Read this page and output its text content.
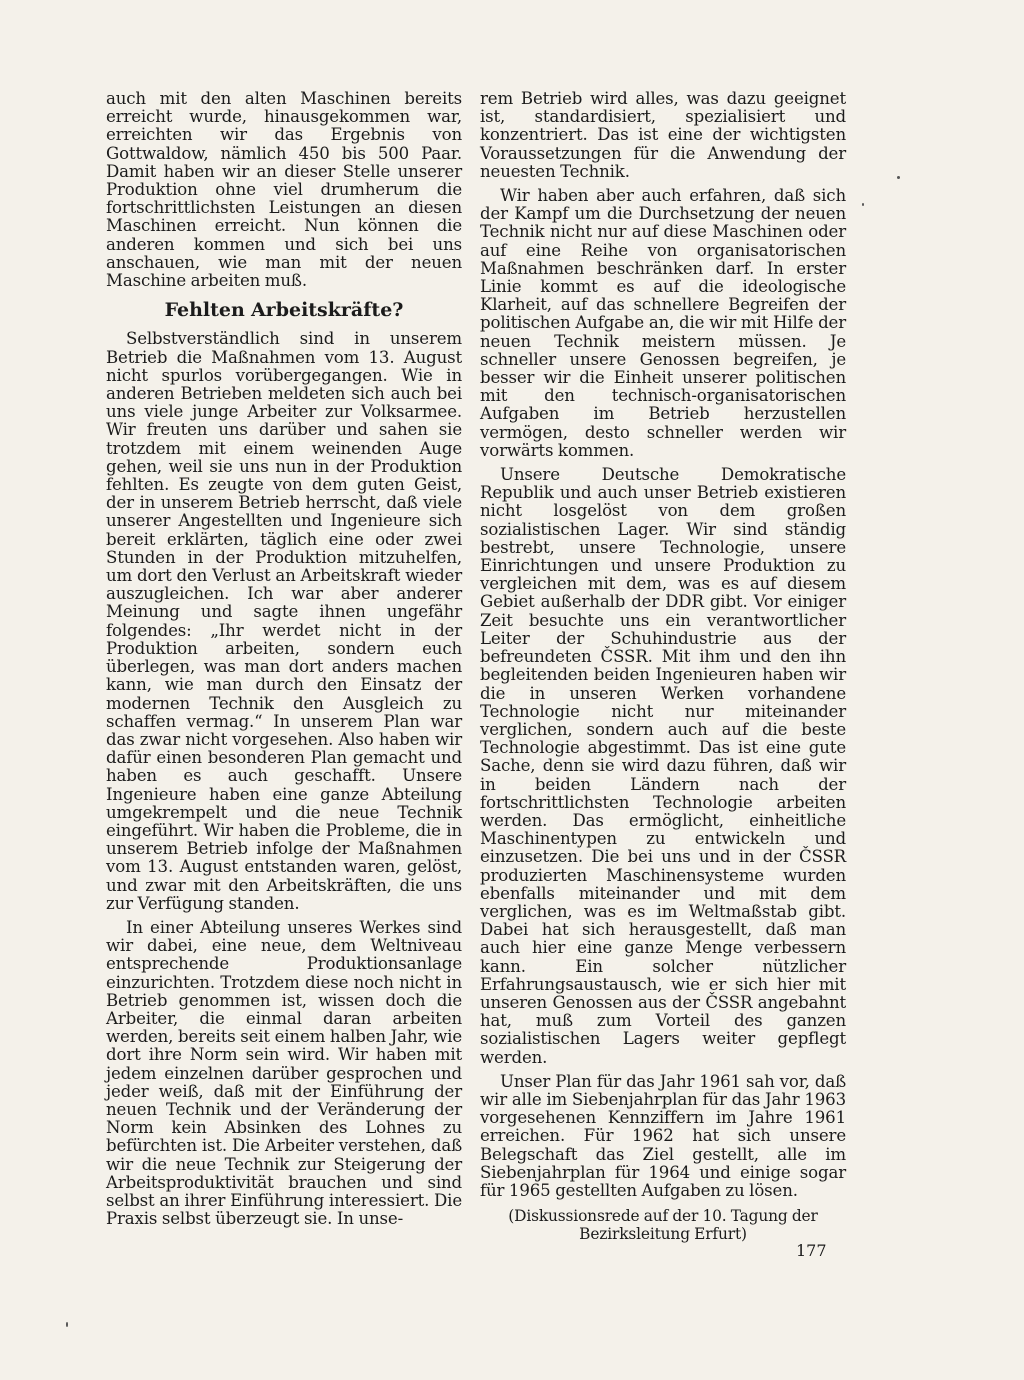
auch mit den alten Maschinen bereits erreicht wurde, hinausgekommen war, erreichten wir das Ergebnis von Gottwaldow, nämlich 450 bis 500 Paar. Damit haben wir an dieser Stelle unserer Produktion ohne viel drumherum die fortschrittlichsten Leistungen an diesen Maschinen erreicht. Nun können die anderen kommen und sich bei uns anschauen, wie man mit der neuen Maschine arbeiten muß.

Fehlten Arbeitskräfte?

Selbstverständlich sind in unserem Betrieb die Maßnahmen vom 13. August nicht spurlos vorübergegangen. Wie in anderen Betrieben meldeten sich auch bei uns viele junge Arbeiter zur Volksarmee. Wir freuten uns darüber und sahen sie trotzdem mit einem weinenden Auge gehen, weil sie uns nun in der Produktion fehlten. Es zeugte von dem guten Geist, der in unserem Betrieb herrscht, daß viele unserer Angestellten und Ingenieure sich bereit erklärten, täglich eine oder zwei Stunden in der Produktion mitzuhelfen, um dort den Verlust an Arbeitskraft wieder auszugleichen. Ich war aber anderer Meinung und sagte ihnen ungefähr folgendes: „Ihr werdet nicht in der Produktion arbeiten, sondern euch überlegen, was man dort anders machen kann, wie man durch den Einsatz der modernen Technik den Ausgleich zu schaffen vermag.“ In unserem Plan war das zwar nicht vorgesehen. Also haben wir dafür einen besonderen Plan gemacht und haben es auch geschafft. Unsere Ingenieure haben eine ganze Abteilung umgekrempelt und die neue Technik eingeführt. Wir haben die Probleme, die in unserem Betrieb infolge der Maßnahmen vom 13. August entstanden waren, gelöst, und zwar mit den Arbeitskräften, die uns zur Verfügung standen.

In einer Abteilung unseres Werkes sind wir dabei, eine neue, dem Weltniveau entsprechende Produktionsanlage einzurichten. Trotzdem diese noch nicht in Betrieb genommen ist, wissen doch die Arbeiter, die einmal daran arbeiten werden, bereits seit einem halben Jahr, wie dort ihre Norm sein wird. Wir haben mit jedem einzelnen darüber gesprochen und jeder weiß, daß mit der Einführung der neuen Technik und der Veränderung der Norm kein Absinken des Lohnes zu befürchten ist. Die Arbeiter verstehen, daß wir die neue Technik zur Steigerung der Arbeitsproduktivität brauchen und sind selbst an ihrer Einführung interessiert. Die Praxis selbst überzeugt sie. In unse-

rem Betrieb wird alles, was dazu geeignet ist, standardisiert, spezialisiert und konzentriert. Das ist eine der wichtigsten Voraussetzungen für die Anwendung der neuesten Technik.

Wir haben aber auch erfahren, daß sich der Kampf um die Durchsetzung der neuen Technik nicht nur auf diese Maschinen oder auf eine Reihe von organisatorischen Maßnahmen beschränken darf. In erster Linie kommt es auf die ideologische Klarheit, auf das schnellere Begreifen der politischen Aufgabe an, die wir mit Hilfe der neuen Technik meistern müssen. Je schneller unsere Genossen begreifen, je besser wir die Einheit unserer politischen mit den technisch-organisatorischen Aufgaben im Betrieb herzustellen vermögen, desto schneller werden wir vorwärts kommen.

Unsere Deutsche Demokratische Republik und auch unser Betrieb existieren nicht losgelöst von dem großen sozialistischen Lager. Wir sind ständig bestrebt, unsere Technologie, unsere Einrichtungen und unsere Produktion zu vergleichen mit dem, was es auf diesem Gebiet außerhalb der DDR gibt. Vor einiger Zeit besuchte uns ein verantwortlicher Leiter der Schuhindustrie aus der befreundeten ČSSR. Mit ihm und den ihn begleitenden beiden Ingenieuren haben wir die in unseren Werken vorhandene Technologie nicht nur miteinander verglichen, sondern auch auf die beste Technologie abgestimmt. Das ist eine gute Sache, denn sie wird dazu führen, daß wir in beiden Ländern nach der fortschrittlichsten Technologie arbeiten werden. Das ermöglicht, einheitliche Maschinentypen zu entwickeln und einzusetzen. Die bei uns und in der ČSSR produzierten Maschinensysteme wurden ebenfalls miteinander und mit dem verglichen, was es im Weltmaßstab gibt. Dabei hat sich herausgestellt, daß man auch hier eine ganze Menge verbessern kann. Ein solcher nützlicher Erfahrungsaustausch, wie er sich hier mit unseren Genossen aus der ČSSR angebahnt hat, muß zum Vorteil des ganzen sozialistischen Lagers weiter gepflegt werden.

Unser Plan für das Jahr 1961 sah vor, daß wir alle im Siebenjahrplan für das Jahr 1963 vorgesehenen Kennziffern im Jahre 1961 erreichen. Für 1962 hat sich unsere Belegschaft das Ziel gestellt, alle im Siebenjahrplan für 1964 und einige sogar für 1965 gestellten Aufgaben zu lösen.

(Diskussionsrede auf der 10. Tagung der
Bezirksleitung Erfurt)
177
